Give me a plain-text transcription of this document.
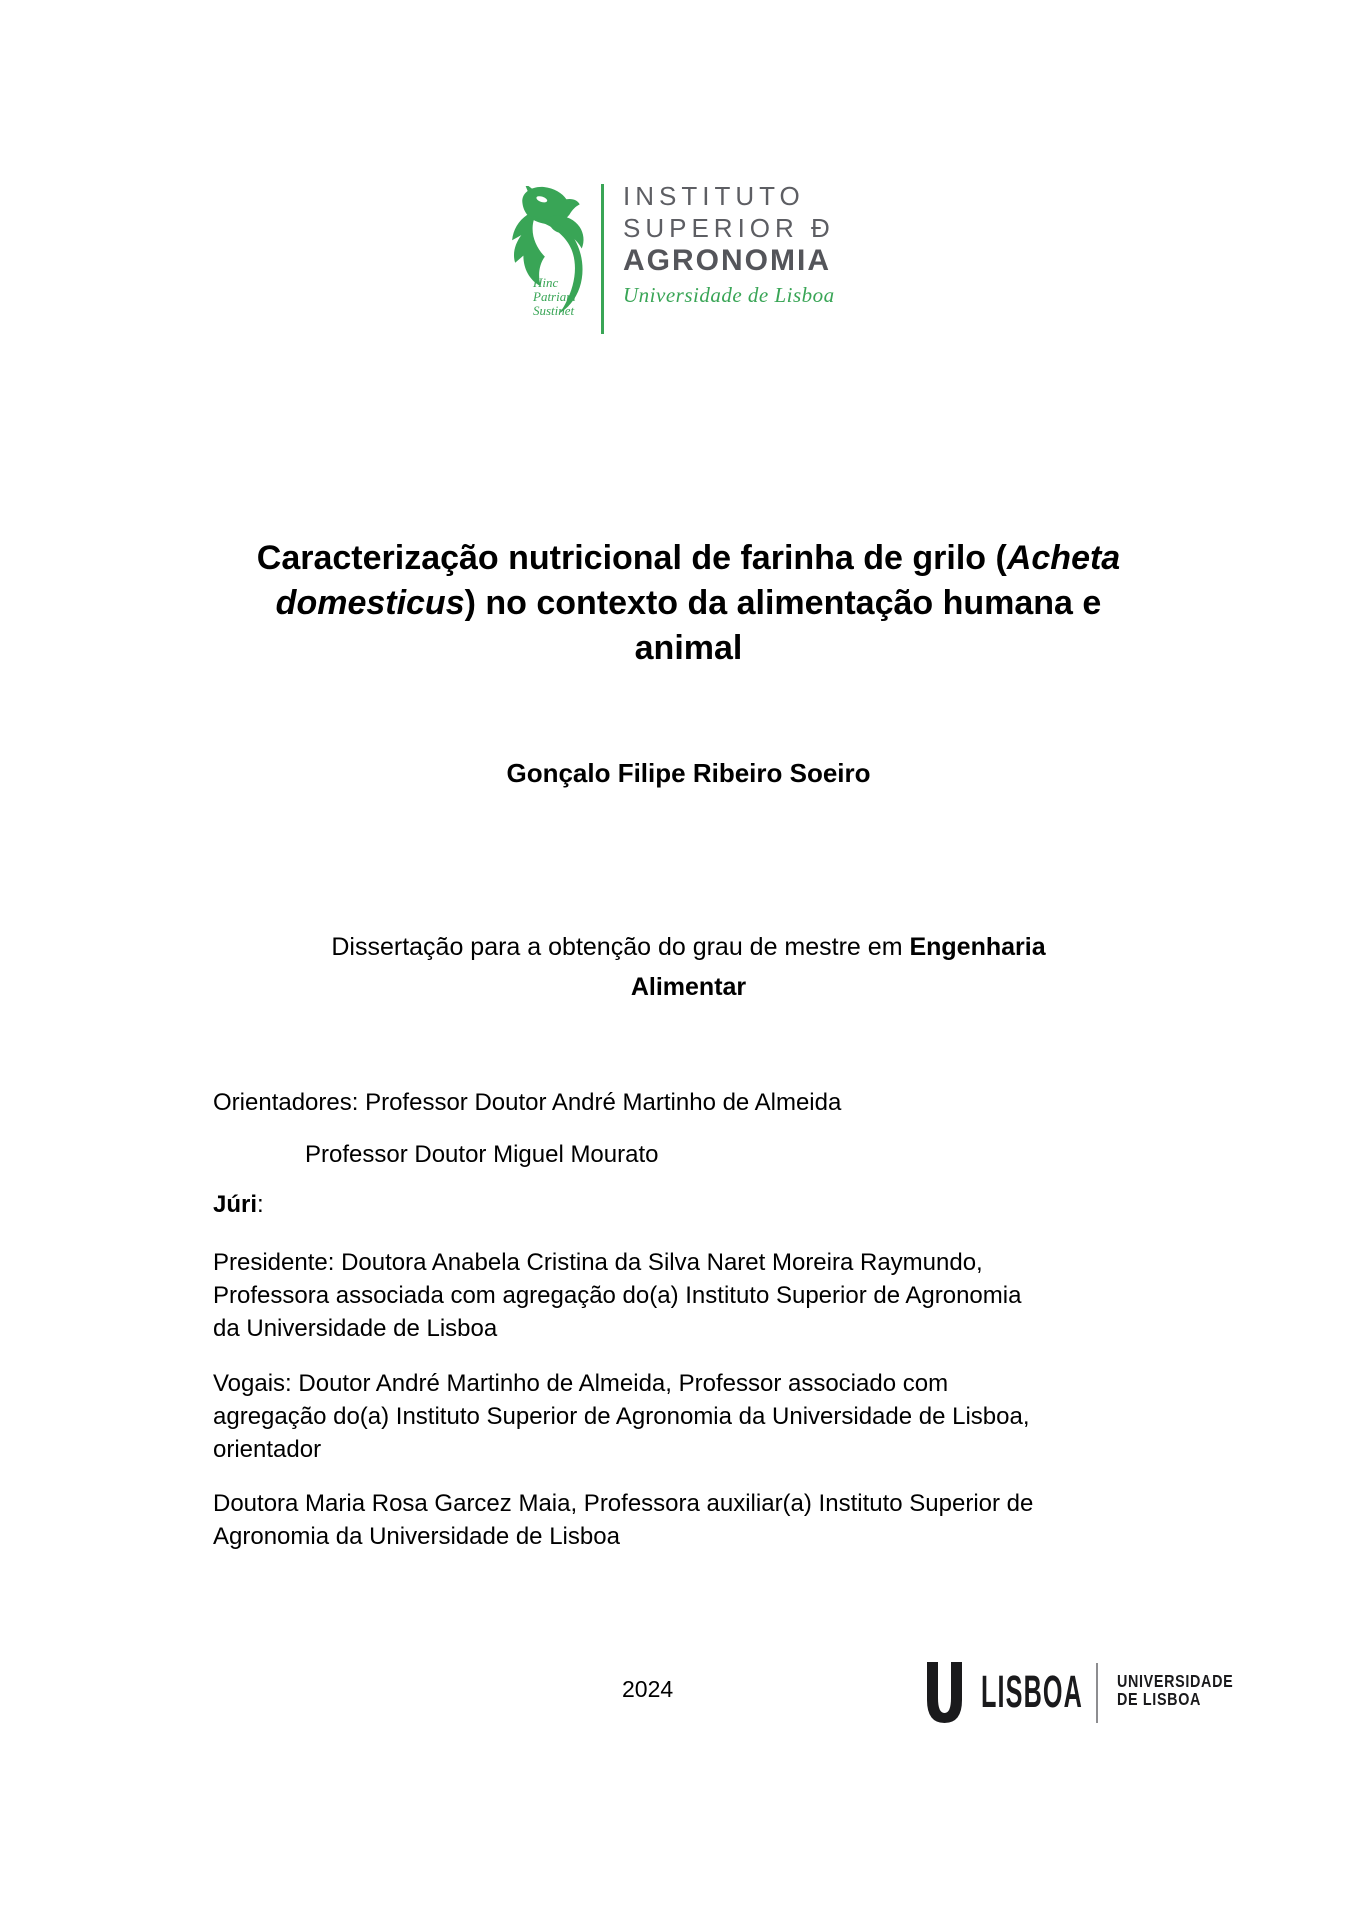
Hinc
Patriam
Sustinet
INSTITUTO
SUPERIOR Ð
AGRONOMIA
Universidade de Lisboa
Caracterização nutricional de farinha de grilo (Acheta
domesticus) no contexto da alimentação humana e
animal
Gonçalo Filipe Ribeiro Soeiro
Dissertação para a obtenção do grau de mestre em Engenharia
Alimentar
Orientadores: Professor Doutor André Martinho de Almeida
Professor Doutor Miguel Mourato
Júri:
Presidente: Doutora Anabela Cristina da Silva Naret Moreira Raymundo,
Professora associada com agregação do(a) Instituto Superior de Agronomia
da Universidade de Lisboa
Vogais: Doutor André Martinho de Almeida, Professor associado com
agregação do(a) Instituto Superior de Agronomia da Universidade de Lisboa,
orientador
Doutora Maria Rosa Garcez Maia, Professora auxiliar(a) Instituto Superior de
Agronomia da Universidade de Lisboa
2024	LISBOA UNIVERSIDADE
DE LISBOA
